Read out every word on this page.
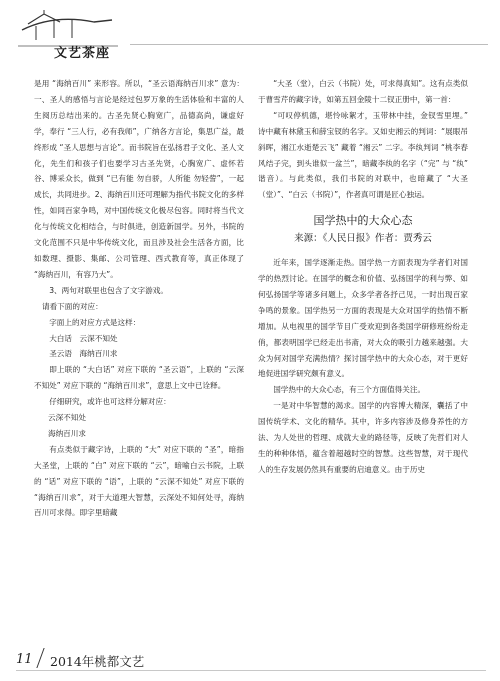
文艺茶座

是用 “海纳百川” 来形容。所以，“圣云语海纳百川求” 意为：一、圣人的感悟与言论是经过包罗万象的生活体验和丰富的人生阅历总结出来的。古圣先贤心胸宽广，品德高尚，谦虚好学，奉行 “三人行，必有我师”，广纳各方言论，集思广益，最终形成 “圣人思想与言论”。而书院旨在弘扬君子文化、圣人文化，先生们和孩子们也要学习古圣先贤，心胸宽广、虚怀若谷、博采众长，做到 “已有能 勿自骄，人所能 勿轻訾”，一起成长，共同进步。2、海纳百川还可理解为指代书院文化的多样性，如同百家争鸣，对中国传统文化极尽包容。同时将当代文化与传统文化相结合，与时俱进，创造新国学。另外，书院的文化范围不只是中华传统文化，而且涉及社会生活各方面，比如数理、摄影、集邮、公司管理、西式教育等，真正体现了 “海纳百川，有容乃大”。

3、两句对联里也包含了文字游戏。

请看下面的对应：

字面上的对应方式是这样：

大白话　云深不知处

圣云语　海纳百川求

即上联的 “大白话” 对应下联的 “圣云语”，上联的 “云深不知处” 对应下联的 “海纳百川求”，意思上文中已诠释。

仔细研究，或许也可这样分解对应：

云深不知处

海纳百川求

有点类似于藏字诗，上联的 “大” 对应下联的 “圣”，暗指大圣堂，上联的 “白” 对应下联的 “云”，暗喻白云书院，上联的 “话” 对应下联的 “语”，上联的 “云深不知处” 对应下联的 “海纳百川求”，对于大道理大智慧，云深处不知何处寻，海纳百川可求得。即字里暗藏

“大圣（堂），白云（书院）处，可求得真知”。这有点类似于曹雪芹的藏字诗，如第五回金陵十二钗正册中，第一首：

“可叹停机德，堪怜咏絮才，玉带林中挂，金钗雪里埋。” 诗中藏有林黛玉和薛宝钗的名字。又如史湘云的判词：“展眼吊斜晖，湘江水逝楚云飞” 藏着 “湘云” 二字。李纨判词 “桃李春风结子完，到头谁似一盆兰”，暗藏李纨的名字（“完” 与 “纨” 谐音）。与此类似，我们书院的对联中，也暗藏了 “大圣（堂）”、“白云（书院）”，作者真可谓是匠心独运。

国学热中的大众心态

来源：《人民日报》作者：贾秀云

近年来，国学逐渐走热。国学热一方面表现为学者们对国学的热烈讨论。在国学的概念和价值、弘扬国学的利与弊、如何弘扬国学等诸多问题上，众多学者各抒己见，一时出现百家争鸣的景象。国学热另一方面的表现是大众对国学的热情不断增加。从电视里的国学节目广受欢迎到各类国学研修班纷纷走俏，都表明国学已经走出书斋，对大众的吸引力越来越强。大众为何对国学充满热情？探讨国学热中的大众心态，对于更好地促进国学研究颇有意义。

国学热中的大众心态，有三个方面值得关注。

一是对中华智慧的渴求。国学的内容博大精深，囊括了中国传统学术、文化的精华。其中，许多内容涉及修身养性的方法、为人处世的哲理、成就大业的路径等，反映了先哲们对人生的种种体悟，蕴含着超越时空的智慧。这些智慧，对于现代人的生存发展仍然具有重要的启迪意义。由于历史

11 2014年桃都文艺
